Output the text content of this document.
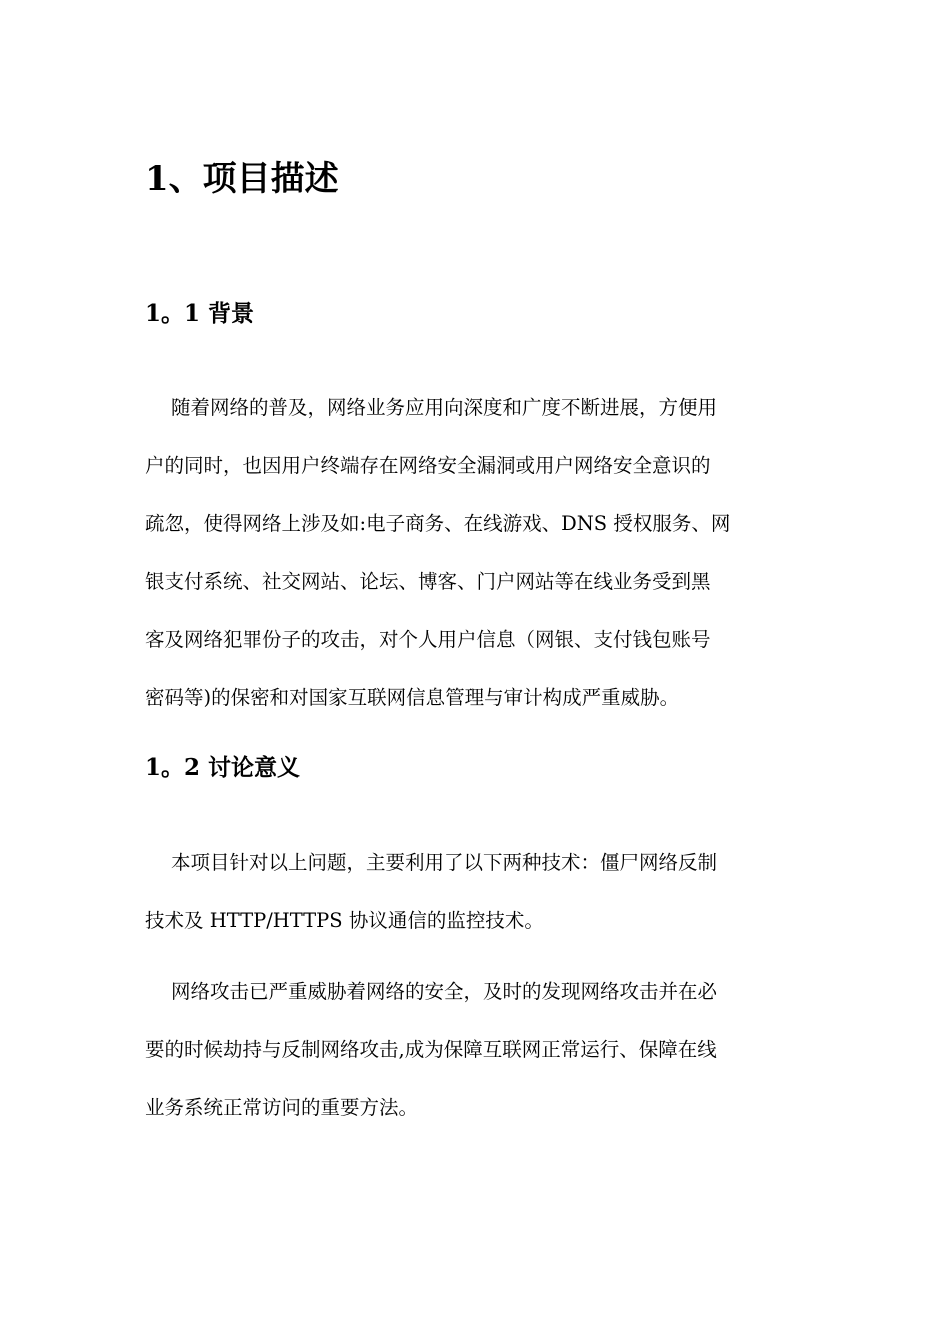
1、项目描述
1。1 背景

随着网络的普及，网络业务应用向深度和广度不断进展，方便用
户的同时，也因用户终端存在网络安全漏洞或用户网络安全意识的
疏忽，使得网络上涉及如:电子商务、在线游戏、DNS 授权服务、网
银支付系统、社交网站、论坛、博客、门户网站等在线业务受到黑
客及网络犯罪份子的攻击，对个人用户信息（网银、支付钱包账号
密码等)的保密和对国家互联网信息管理与审计构成严重威胁。

1。2 讨论意义

本项目针对以上问题，主要利用了以下两种技术：僵尸网络反制
技术及 HTTP/HTTPS 协议通信的监控技术。

网络攻击已严重威胁着网络的安全，及时的发现网络攻击并在必
要的时候劫持与反制网络攻击,成为保障互联网正常运行、保障在线
业务系统正常访问的重要方法。
